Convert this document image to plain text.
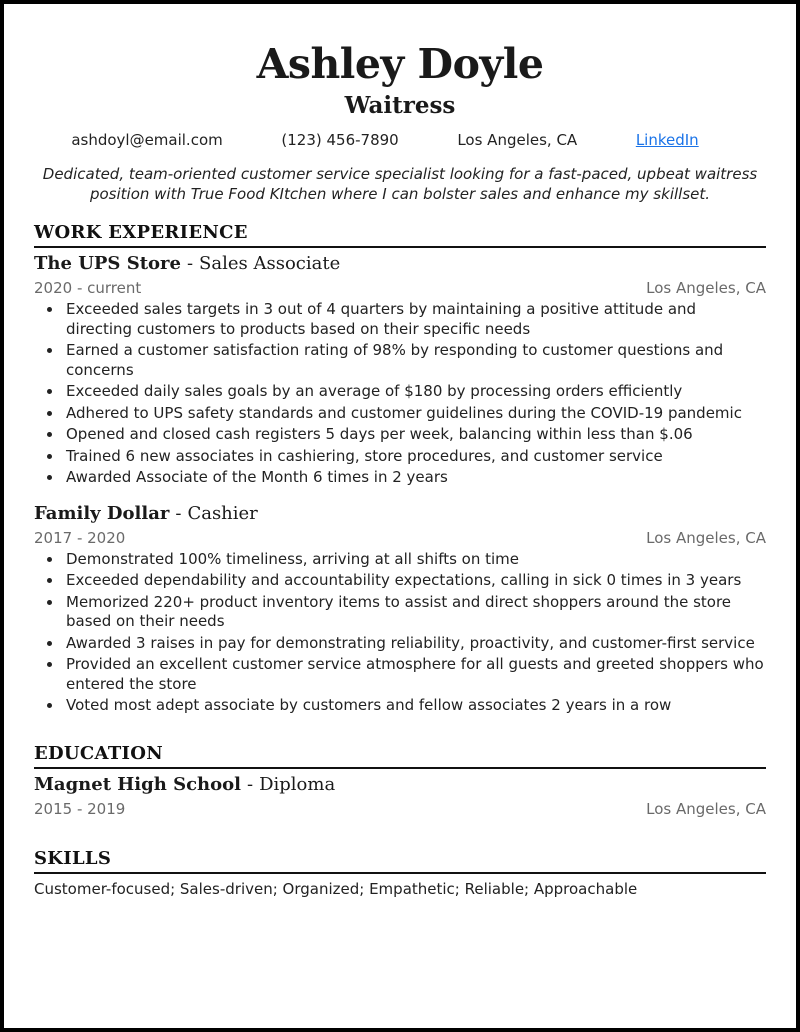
Ashley Doyle
Waitress
ashdoyl@email.com	(123) 456-7890	Los Angeles, CA	LinkedIn
Dedicated, team-oriented customer service specialist looking for a fast-paced, upbeat waitress position with True Food KItchen where I can bolster sales and enhance my skillset.
WORK EXPERIENCE
The UPS Store - Sales Associate
2020 - current	Los Angeles, CA
Exceeded sales targets in 3 out of 4 quarters by maintaining a positive attitude and directing customers to products based on their specific needs
Earned a customer satisfaction rating of 98% by responding to customer questions and concerns
Exceeded daily sales goals by an average of $180 by processing orders efficiently
Adhered to UPS safety standards and customer guidelines during the COVID-19 pandemic
Opened and closed cash registers 5 days per week, balancing within less than $.06
Trained 6 new associates in cashiering, store procedures, and customer service
Awarded Associate of the Month 6 times in 2 years
Family Dollar - Cashier
2017 - 2020	Los Angeles, CA
Demonstrated 100% timeliness, arriving at all shifts on time
Exceeded dependability and accountability expectations, calling in sick 0 times in 3 years
Memorized 220+ product inventory items to assist and direct shoppers around the store based on their needs
Awarded 3 raises in pay for demonstrating reliability, proactivity, and customer-first service
Provided an excellent customer service atmosphere for all guests and greeted shoppers who entered the store
Voted most adept associate by customers and fellow associates 2 years in a row
EDUCATION
Magnet High School - Diploma
2015 - 2019	Los Angeles, CA
SKILLS
Customer-focused; Sales-driven; Organized; Empathetic; Reliable; Approachable
